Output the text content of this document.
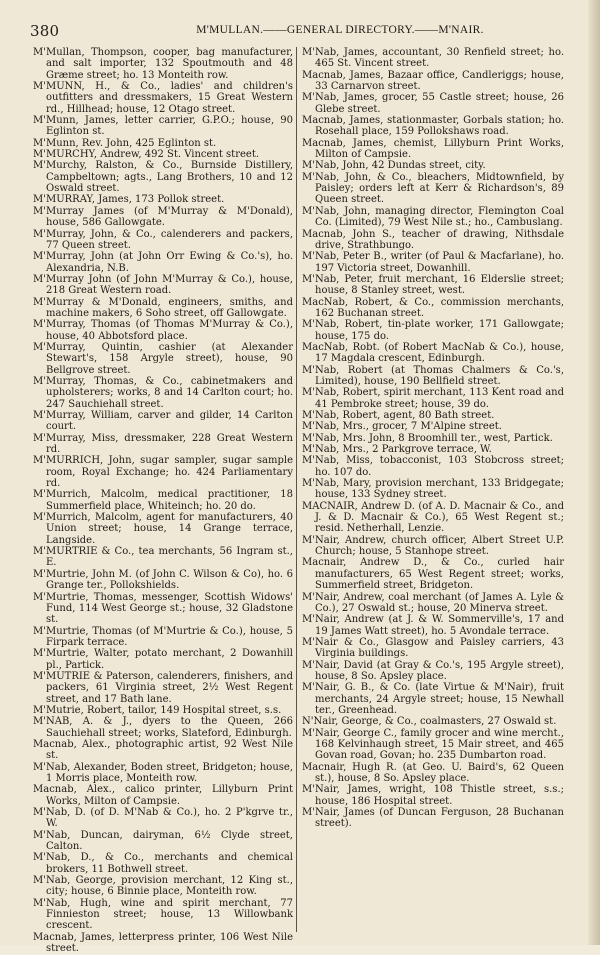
380	M'MULLAN.——GENERAL DIRECTORY.——M'NAIR.

M'Mullan, Thompson, cooper, bag manufacturer, and salt importer, 132 Spoutmouth and 48 Græme street; ho. 13 Monteith row.

M'MUNN, H., & Co., ladies' and children's outfitters and dressmakers, 15 Great Western rd., Hillhead; house, 12 Otago street.

M'Munn, James, letter carrier, G.P.O.; house, 90 Eglinton st.

M'Munn, Rev. John, 425 Eglinton st.

M'MURCHY, Andrew, 492 St. Vincent street.

M'Murchy, Ralston, & Co., Burnside Distillery, Campbeltown; agts., Lang Brothers, 10 and 12 Oswald street.

M'MURRAY, James, 173 Pollok street.

M'Murray James (of M'Murray & M'Donald), house, 586 Gallowgate.

M'Murray, John, & Co., calenderers and packers, 77 Queen street.

M'Murray, John (at John Orr Ewing & Co.'s), ho. Alexandria, N.B.

M'Murray John (of John M'Murray & Co.), house, 218 Great Western road.

M'Murray & M'Donald, engineers, smiths, and machine makers, 6 Soho street, off Gallowgate.

M'Murray, Thomas (of Thomas M'Murray & Co.), house, 40 Abbotsford place.

M'Murray, Quintin, cashier (at Alexander Stewart's, 158 Argyle street), house, 90 Bellgrove street.

M'Murray, Thomas, & Co., cabinetmakers and upholsterers; works, 8 and 14 Carlton court; ho. 247 Sauchiehall street.

M'Murray, William, carver and gilder, 14 Carlton court.

M'Murray, Miss, dressmaker, 228 Great Western rd.

M'MURRICH, John, sugar sampler, sugar sample room, Royal Exchange; ho. 424 Parliamentary rd.

M'Murrich, Malcolm, medical practitioner, 18 Summerfield place, Whiteinch; ho. 20 do.

M'Murrich, Malcolm, agent for manufacturers, 40 Union street; house, 14 Grange terrace, Langside.

M'MURTRIE & Co., tea merchants, 56 Ingram st., E.

M'Murtrie, John M. (of John C. Wilson & Co), ho. 6 Grange ter., Pollokshields.

M'Murtrie, Thomas, messenger, Scottish Widows' Fund, 114 West George st.; house, 32 Gladstone st.

M'Murtrie, Thomas (of M'Murtrie & Co.), house, 5 Firpark terrace.

M'Murtrie, Walter, potato merchant, 2 Dowanhill pl., Partick.

M'MUTRIE & Paterson, calenderers, finishers, and packers, 61 Virginia street, 2½ West Regent street, and 17 Bath lane.

M'Mutrie, Robert, tailor, 149 Hospital street, s.s.

M'NAB, A. & J., dyers to the Queen, 266 Sauchiehall street; works, Slateford, Edinburgh.

Macnab, Alex., photographic artist, 92 West Nile st.

M'Nab, Alexander, Boden street, Bridgeton; house, 1 Morris place, Monteith row.

Macnab, Alex., calico printer, Lillyburn Print Works, Milton of Campsie.

M'Nab, D. (of D. M'Nab & Co.), ho. 2 P'kgrve tr., W.

M'Nab, Duncan, dairyman, 6½ Clyde street, Calton.

M'Nab, D., & Co., merchants and chemical brokers, 11 Bothwell street.

M'Nab, George, provision merchant, 12 King st., city; house, 6 Binnie place, Monteith row.

M'Nab, Hugh, wine and spirit merchant, 77 Finnieston street; house, 13 Willowbank crescent.

Macnab, James, letterpress printer, 106 West Nile street.

M'Nab, James, accountant, 30 Renfield street; ho. 465 St. Vincent street.

Macnab, James, Bazaar office, Candleriggs; house, 33 Carnarvon street.

M'Nab, James, grocer, 55 Castle street; house, 26 Glebe street.

Macnab, James, stationmaster, Gorbals station; ho. Rosehall place, 159 Pollokshaws road.

Macnab, James, chemist, Lillyburn Print Works, Milton of Campsie.

M'Nab, John, 42 Dundas street, city.

M'Nab, John, & Co., bleachers, Midtownfield, by Paisley; orders left at Kerr & Richardson's, 89 Queen street.

M'Nab, John, managing director, Flemington Coal Co. (Limited), 79 West Nile st.; ho., Cambuslang.

Macnab, John S., teacher of drawing, Nithsdale drive, Strathbungo.

M'Nab, Peter B., writer (of Paul & Macfarlane), ho. 197 Victoria street, Dowanhill.

M'Nab, Peter, fruit merchant, 16 Elderslie street; house, 8 Stanley street, west.

MacNab, Robert, & Co., commission merchants, 162 Buchanan street.

M'Nab, Robert, tin-plate worker, 171 Gallowgate; house, 175 do.

MacNab, Robt. (of Robert MacNab & Co.), house, 17 Magdala crescent, Edinburgh.

M'Nab, Robert (at Thomas Chalmers & Co.'s, Limited), house, 190 Bellfield street.

M'Nab, Robert, spirit merchant, 113 Kent road and 41 Pembroke street; house, 39 do.

M'Nab, Robert, agent, 80 Bath street.

M'Nab, Mrs., grocer, 7 M'Alpine street.

M'Nab, Mrs. John, 8 Broomhill ter., west, Partick.

M'Nab, Mrs., 2 Parkgrove terrace, W.

M'Nab, Miss, tobacconist, 103 Stobcross street; ho. 107 do.

M'Nab, Mary, provision merchant, 133 Bridgegate; house, 133 Sydney street.

MACNAIR, Andrew D. (of A. D. Macnair & Co., and J. & D. Macnair & Co.), 65 West Regent st.; resid. Netherhall, Lenzie.

M'Nair, Andrew, church officer, Albert Street U.P. Church; house, 5 Stanhope street.

Macnair, Andrew D., & Co., curled hair manufacturers, 65 West Regent street; works, Summerfield street, Bridgeton.

M'Nair, Andrew, coal merchant (of James A. Lyle & Co.), 27 Oswald st.; house, 20 Minerva street.

M'Nair, Andrew (at J. & W. Sommerville's, 17 and 19 James Watt street), ho. 5 Avondale terrace.

M'Nair & Co., Glasgow and Paisley carriers, 43 Virginia buildings.

M'Nair, David (at Gray & Co.'s, 195 Argyle street), house, 8 So. Apsley place.

M'Nair, G. B., & Co. (late Virtue & M'Nair), fruit merchants, 24 Argyle street; house, 15 Newhall ter., Greenhead.

N'Nair, George, & Co., coalmasters, 27 Oswald st.

M'Nair, George C., family grocer and wine mercht., 168 Kelvinhaugh street, 15 Mair street, and 465 Govan road, Govan; ho. 235 Dumbarton road.

Macnair, Hugh R. (at Geo. U. Baird's, 62 Queen st.), house, 8 So. Apsley place.

M'Nair, James, wright, 108 Thistle street, s.s.; house, 186 Hospital street.

M'Nair, James (of Duncan Ferguson, 28 Buchanan street).
